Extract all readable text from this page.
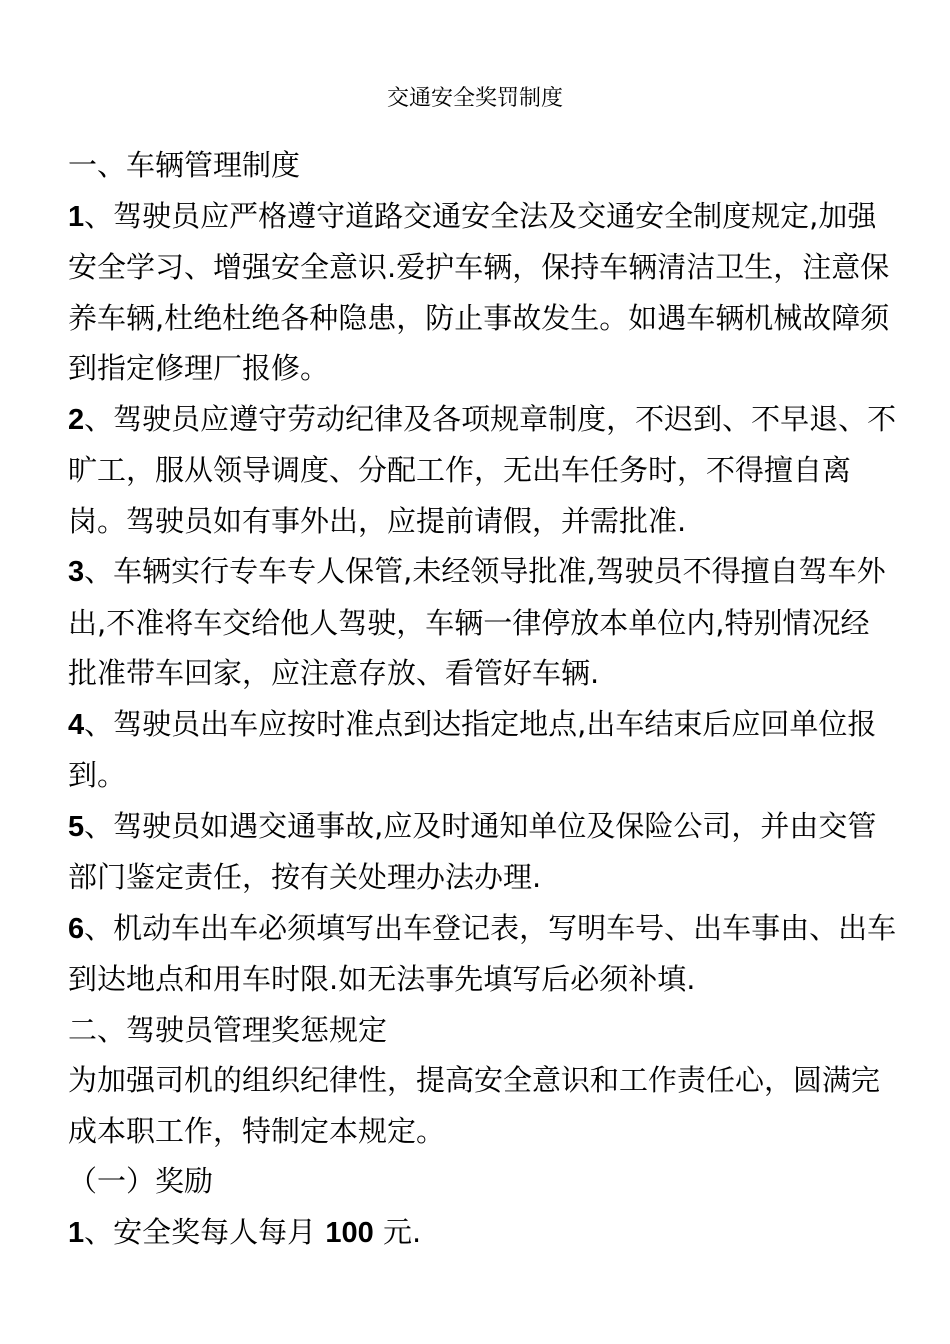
交通安全奖罚制度

一、车辆管理制度

1、驾驶员应严格遵守道路交通安全法及交通安全制度规定,加强安全学习、增强安全意识.爱护车辆，保持车辆清洁卫生，注意保养车辆,杜绝杜绝各种隐患，防止事故发生。如遇车辆机械故障须到指定修理厂报修。

2、驾驶员应遵守劳动纪律及各项规章制度，不迟到、不早退、不旷工，服从领导调度、分配工作，无出车任务时，不得擅自离岗。驾驶员如有事外出，应提前请假，并需批准.

3、车辆实行专车专人保管,未经领导批准,驾驶员不得擅自驾车外出,不准将车交给他人驾驶，车辆一律停放本单位内,特别情况经批准带车回家，应注意存放、看管好车辆.

4、驾驶员出车应按时准点到达指定地点,出车结束后应回单位报到。

5、驾驶员如遇交通事故,应及时通知单位及保险公司，并由交管部门鉴定责任，按有关处理办法办理.

6、机动车出车必须填写出车登记表，写明车号、出车事由、出车到达地点和用车时限.如无法事先填写后必须补填.

二、驾驶员管理奖惩规定

为加强司机的组织纪律性，提高安全意识和工作责任心，圆满完成本职工作，特制定本规定。

（一）奖励

1、安全奖每人每月 100 元.
